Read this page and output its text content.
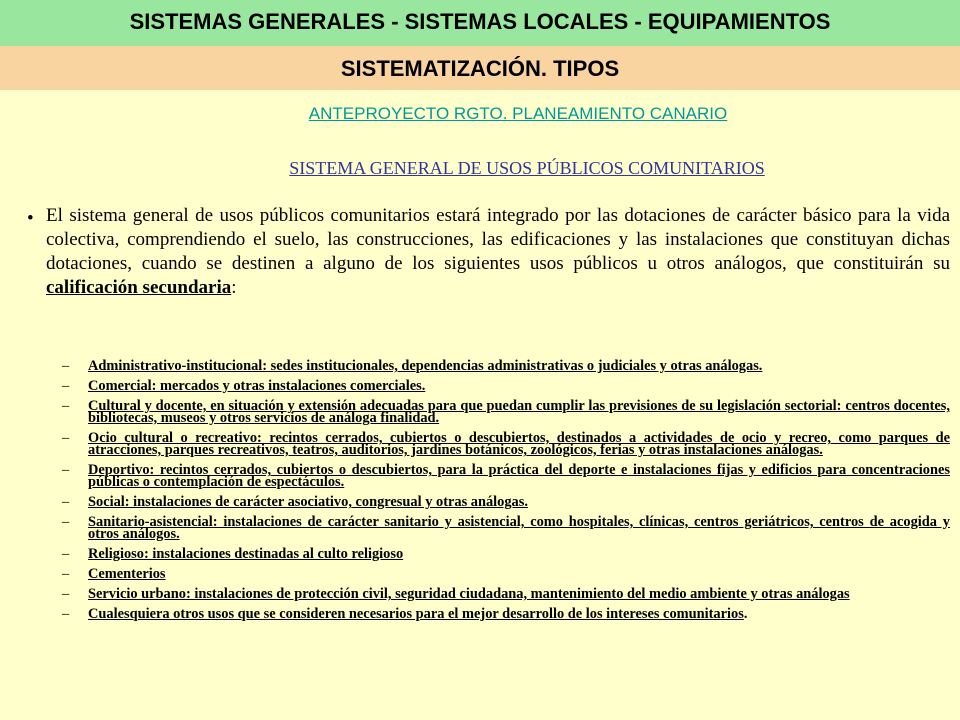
SISTEMAS GENERALES - SISTEMAS LOCALES - EQUIPAMIENTOS
SISTEMATIZACIÓN. TIPOS
ANTEPROYECTO RGTO. PLANEAMIENTO CANARIO
SISTEMA GENERAL DE USOS PÚBLICOS COMUNITARIOS
• El sistema general de usos públicos comunitarios estará integrado por las dotaciones de carácter básico para la vida colectiva, comprendiendo el suelo, las construcciones, las edificaciones y las instalaciones que constituyan dichas dotaciones, cuando se destinen a alguno de los siguientes usos públicos u otros análogos, que constituirán su calificación secundaria:
– Administrativo-institucional: sedes institucionales, dependencias administrativas o judiciales y otras análogas.
– Comercial: mercados y otras instalaciones comerciales.
– Cultural y docente, en situación y extensión adecuadas para que puedan cumplir las previsiones de su legislación sectorial: centros docentes, bibliotecas, museos y otros servicios de análoga finalidad.
– Ocio cultural o recreativo: recintos cerrados, cubiertos o descubiertos, destinados a actividades de ocio y recreo, como parques de atracciones, parques recreativos, teatros, auditorios, jardines botánicos, zoológicos, ferias y otras instalaciones análogas.
– Deportivo: recintos cerrados, cubiertos o descubiertos, para la práctica del deporte e instalaciones fijas y edificios para concentraciones públicas o contemplación de espectáculos.
– Social: instalaciones de carácter asociativo, congresual y otras análogas.
– Sanitario-asistencial: instalaciones de carácter sanitario y asistencial, como hospitales, clínicas, centros geriátricos, centros de acogida y otros análogos.
– Religioso: instalaciones destinadas al culto religioso
– Cementerios
– Servicio urbano: instalaciones de protección civil, seguridad ciudadana, mantenimiento del medio ambiente y otras análogas
– Cualesquiera otros usos que se consideren necesarios para el mejor desarrollo de los intereses comunitarios.
